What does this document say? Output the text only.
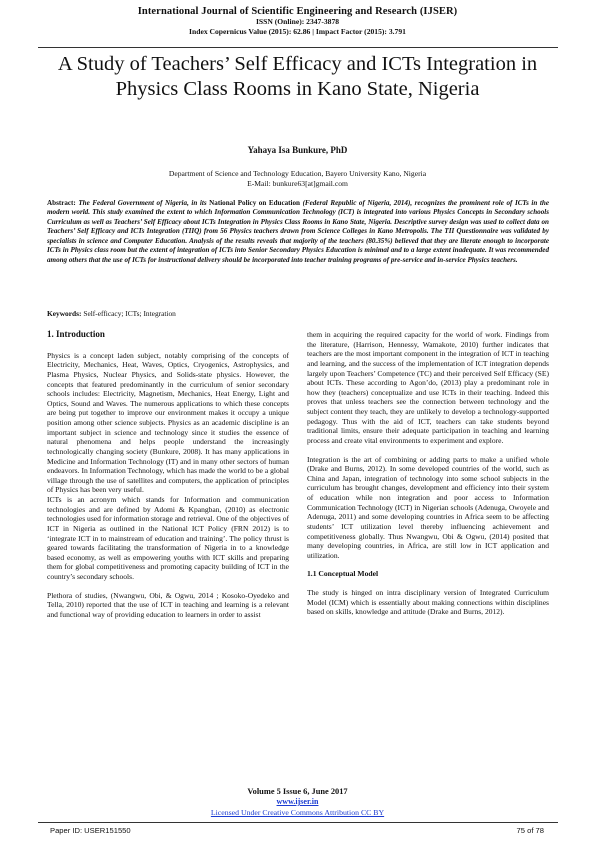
International Journal of Scientific Engineering and Research (IJSER)
ISSN (Online): 2347-3878
Index Copernicus Value (2015): 62.86 | Impact Factor (2015): 3.791
A Study of Teachers’ Self Efficacy and ICTs Integration in Physics Class Rooms in Kano State, Nigeria
Yahaya Isa Bunkure, PhD
Department of Science and Technology Education, Bayero University Kano, Nigeria
E-Mail: bunkure63[at]gmail.com
Abstract: The Federal Government of Nigeria, in its National Policy on Education (Federal Republic of Nigeria, 2014), recognizes the prominent role of ICTs in the modern world. This study examined the extent to which Information Communication Technology (ICT) is integrated into various Physics Concepts in Secondary schools Curriculum as well as Teachers’ Self Efficacy about ICTs Integration in Physics Class Rooms in Kano State, Nigeria. Descriptive survey design was used to collect data on Teachers’ Self Efficacy and ICTs Integration (TIIQ) from 56 Physics teachers drawn from Science Colleges in Kano Metropolis. The TII Questionnaire was validated by specialists in science and Computer Education. Analysis of the results reveals that majority of the teachers (80.35%) believed that they are literate enough to incorporate ICTs in Physics class room but the extent of integration of ICTs into Senior Secondary Physics Education is minimal and to a large extent inadequate. It was recommended among others that the use of ICTs for instructional delivery should be incorporated into teacher training programs of pre-service and in-service Physics teachers.
Keywords: Self-efficacy; ICTs; Integration
1. Introduction

Physics is a concept laden subject, notably comprising of the concepts of Electricity, Mechanics, Heat, Waves, Optics, Cryogenics, Astrophysics, and Plasma Physics, Nuclear Physics, and Solids-state physics. However, the concepts that featured predominantly in the curriculum of senior secondary schools includes: Electricity, Magnetism, Mechanics, Heat Energy, Light and Optics, Sound and Waves. The numerous applications to which these concepts are being put together to improve our environment makes it occupy a unique position among other science subjects. Physics as an academic discipline is an important subject in science and technology since it studies the essence of natural phenomena and helps people understand the increasingly technologically changing society (Bunkure, 2008). It has many applications in Medicine and Information Technology (IT) and in many other sectors of human endeavors. In Information Technology, which has made the world to be a global village through the use of satellites and computers, the application of principles of Physics has been very useful.

ICTs is an acronym which stands for Information and communication technologies and are defined by Adomi & Kpangban, (2010) as electronic technologies used for information storage and retrieval. One of the objectives of ICT in Nigeria as outlined in the National ICT Policy (FRN 2012) is to ‘integrate ICT in to mainstream of education and training’. The policy thrust is geared towards facilitating the transformation of Nigeria in to a knowledge based economy, as well as empowering youths with ICT skills and preparing them for global competitiveness and promoting capacity building of ICT in the country’s secondary schools.

Plethora of studies, (Nwangwu, Obi, & Ogwu, 2014 ; Kosoko-Oyedeko and Tella, 2010) reported that the use of ICT in teaching and learning is a relevant and functional way of providing education to learners in order to assist

them in acquiring the required capacity for the world of work. Findings from the literature, (Harrison, Hennessy, Wamakote, 2010) further indicates that teachers are the most important component in the integration of ICT in teaching and learning, and the success of the implementation of ICT integration depends largely upon Teachers’ Competence (TC) and their perceived Self Efficacy (SE) about ICTs. These according to Agon’do, (2013) play a predominant role in how they (teachers) conceptualize and use ICTs in their teaching. Indeed this proves that unless teachers see the connection between technology and the subject content they teach, they are unlikely to develop a technology-supported pedagogy. Thus with the aid of ICT, teachers can take students beyond traditional limits, ensure their adequate participation in teaching and learning process and create vital environments to experiment and explore.

Integration is the art of combining or adding parts to make a unified whole (Drake and Burns, 2012). In some developed countries of the world, such as China and Japan, integration of technology into some school subjects in the curriculum has brought changes, development and efficiency into their system of education while non integration and poor access to Information Communication Technology (ICT) in Nigerian schools (Adenuga, Owoyele and Adenuga, 2011) and some developing countries in Africa seem to be affecting students’ ICT utilization level thereby influencing achievement and competitiveness globally. Thus Nwangwu, Obi & Ogwu, (2014) posited that many developing countries, in Africa, are still low in ICT application and utilization.

1.1 Conceptual Model

The study is hinged on intra disciplinary version of Integrated Curriculum Model (ICM) which is essentially about making connections within disciplines based on skills, knowledge and attitude (Drake and Burns, 2012).

Volume 5 Issue 6, June 2017
www.ijser.in
Licensed Under Creative Commons Attribution CC BY
Paper ID: USER151550	75 of 78
